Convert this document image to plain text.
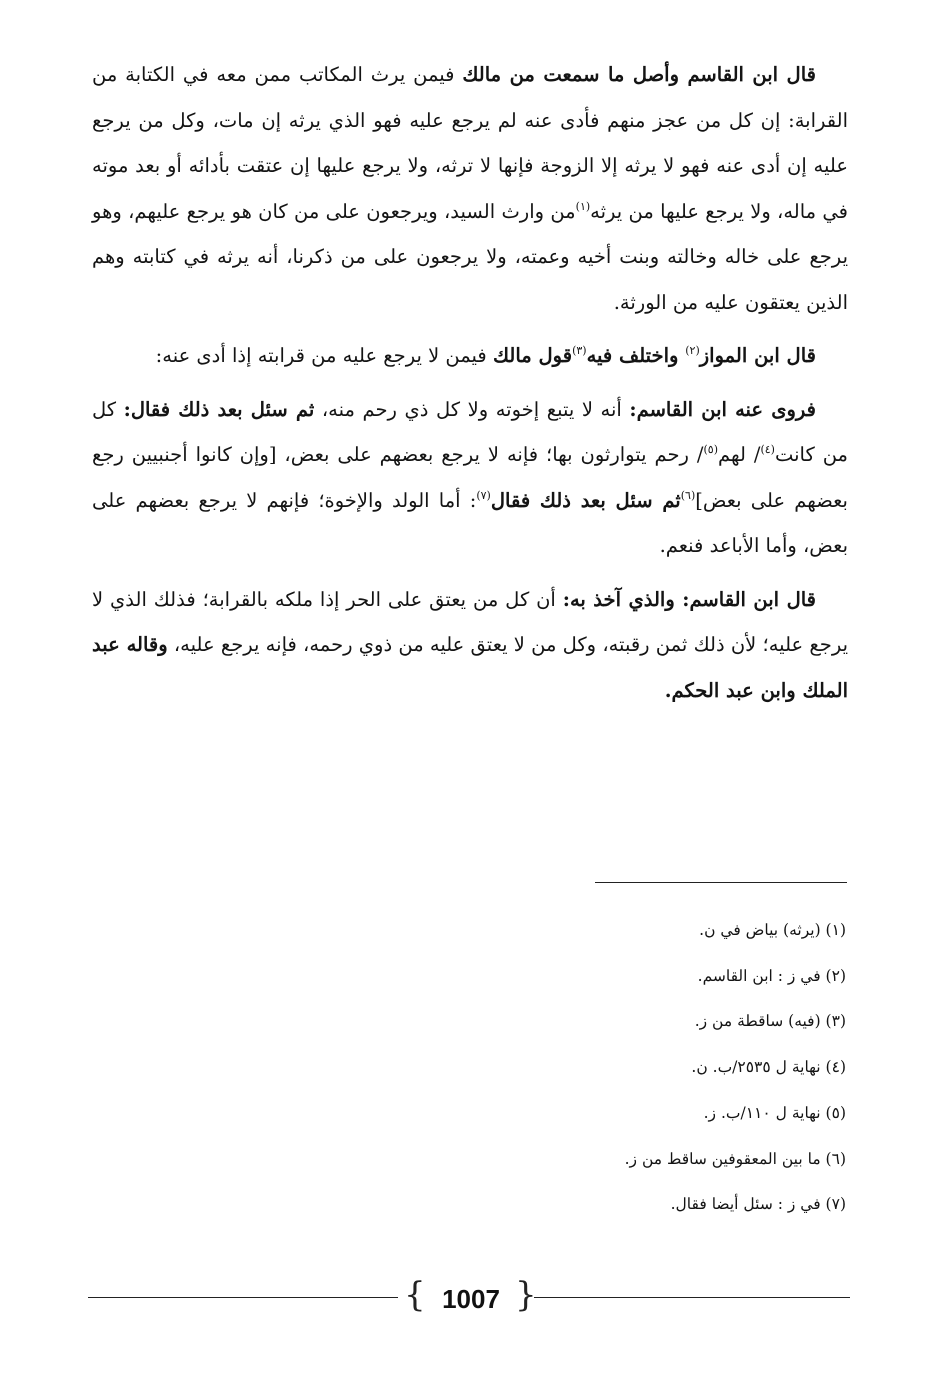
قال ابن القاسم وأصل ما سمعت من مالك فيمن يرث المكاتب ممن معه في الكتابة من القرابة: إن كل من عجز منهم فأدى عنه لم يرجع عليه فهو الذي يرثه إن مات، وكل من يرجع عليه إن أدى عنه فهو لا يرثه إلا الزوجة فإنها لا ترثه، ولا يرجع عليها إن عتقت بأدائه أو بعد موته في ماله، ولا يرجع عليها من يرثه$^{(١)}$من وارث السيد، ويرجعون على من كان هو يرجع عليهم، وهو يرجع على خاله وخالته وبنت أخيه وعمته، ولا يرجعون على من ذكرنا، أنه يرثه في كتابته وهم الذين يعتقون عليه من الورثة.

قال ابن المواز$^{(٢)}$ واختلف فيه$^{(٣)}$قول مالك فيمن لا يرجع عليه من قرابته إذا أدى عنه:

فروى عنه ابن القاسم: أنه لا يتبع إخوته ولا كل ذي رحم منه، ثم سئل بعد ذلك فقال: كل من كانت$^{(٤)}$/ لهم$^{(٥)}$/ رحم يتوارثون بها؛ فإنه لا يرجع بعضهم على بعض، [وإن كانوا أجنبيين رجع بعضهم على بعض]$^{(٦)}$ثم سئل بعد ذلك فقال$^{(٧)}$: أما الولد والإخوة؛ فإنهم لا يرجع بعضهم على بعض، وأما الأباعد فنعم.

قال ابن القاسم: والذي آخذ به: أن كل من يعتق على الحر إذا ملكه بالقرابة؛ فذلك الذي لا يرجع عليه؛ لأن ذلك ثمن رقبته، وكل من لا يعتق عليه من ذوي رحمه، فإنه يرجع عليه، وقاله عبد الملك وابن عبد الحكم.

(١) (يرثه) بياض في ن.
(٢) في ز : ابن القاسم.
(٣) (فيه) ساقطة من ز.
(٤) نهاية ل ٢٥٣٥/ب. ن.
(٥) نهاية ل ١١٠/ب. ز.
(٦) ما بين المعقوفين ساقط من ز.
(٧) في ز : سئل أيضا فقال.
{	}
1007
